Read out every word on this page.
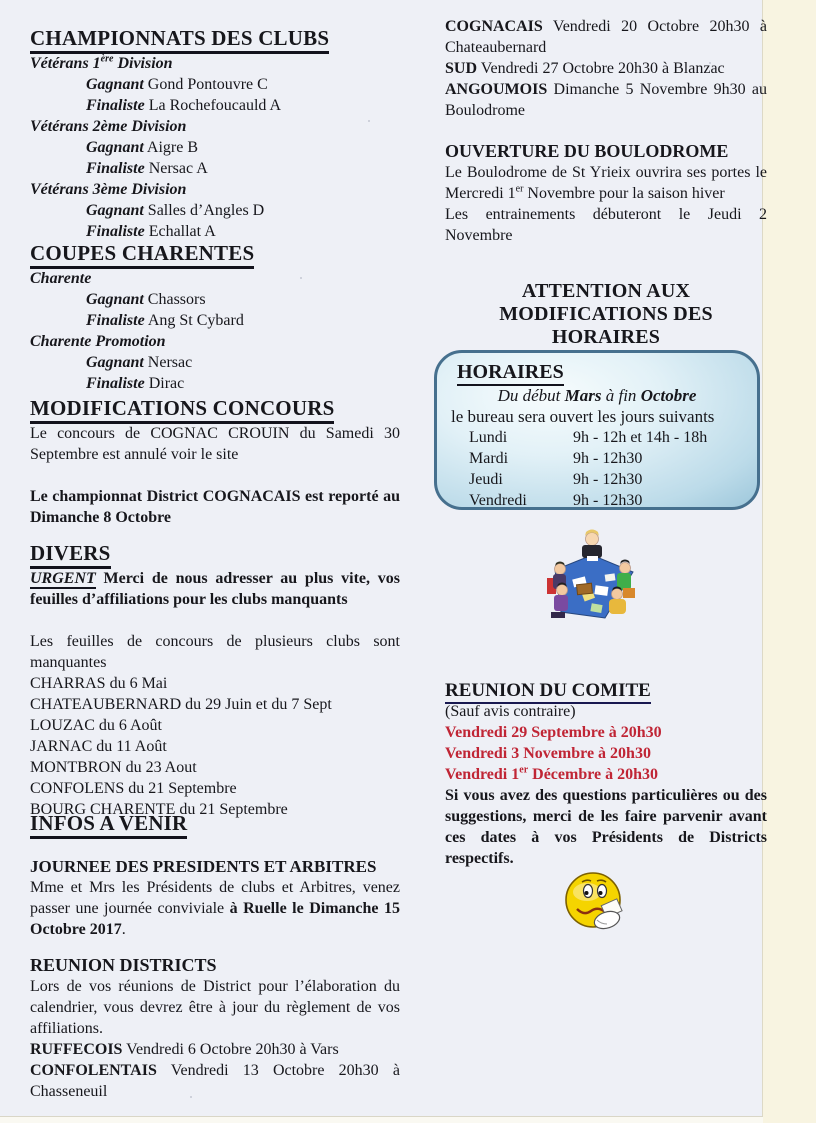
CHAMPIONNATS DES CLUBS

Vétérans 1ère Division

Gagnant Gond Pontouvre C

Finaliste La Rochefoucauld A

Vétérans 2ème Division

Gagnant Aigre B

Finaliste Nersac A

Vétérans 3ème Division

Gagnant Salles d’Angles D

Finaliste Echallat A

COUPES CHARENTES

Charente

Gagnant Chassors

Finaliste Ang St Cybard

Charente Promotion

Gagnant Nersac

Finaliste Dirac

MODIFICATIONS CONCOURS

Le concours de COGNAC CROUIN du Samedi 30 Septembre est annulé voir le site

Le championnat District COGNACAIS est reporté au Dimanche 8 Octobre

DIVERS

URGENT Merci de nous adresser au plus vite, vos feuilles d’affiliations pour les clubs manquants

Les feuilles de concours de plusieurs clubs sont manquantes

CHARRAS du 6 Mai

CHATEAUBERNARD du 29 Juin et du 7 Sept

LOUZAC du 6 Août

JARNAC du 11 Août

MONTBRON du 23 Aout

CONFOLENS du 21 Septembre

BOURG CHARENTE du 21 Septembre

INFOS A VENIR

JOURNEE DES PRESIDENTS ET ARBITRES

Mme et Mrs les Présidents de clubs et Arbitres, venez passer une journée conviviale à Ruelle le Dimanche 15 Octobre 2017.

REUNION DISTRICTS

Lors de vos réunions de District pour l’élaboration du calendrier, vous devrez être à jour du règlement de vos affiliations.

RUFFECOIS Vendredi 6 Octobre 20h30 à Vars

CONFOLENTAIS Vendredi 13 Octobre 20h30 à Chasseneuil

COGNACAIS Vendredi 20 Octobre 20h30 à Chateaubernard

SUD Vendredi 27 Octobre 20h30 à Blanzac

ANGOUMOIS Dimanche 5 Novembre 9h30 au Boulodrome

OUVERTURE DU BOULODROME

Le Boulodrome de St Yrieix ouvrira ses portes le Mercredi 1er Novembre pour la saison hiver

Les entrainements débuteront le Jeudi 2 Novembre

ATTENTION AUX
MODIFICATIONS DES HORAIRES
HORAIRES
Du début Mars à fin Octobre
le bureau sera ouvert les jours suivants
Lundi	9h - 12h et 14h - 18h
Mardi	9h - 12h30
Jeudi	9h - 12h30
Vendredi	9h - 12h30
REUNION DU COMITE

(Sauf avis contraire)

Vendredi 29 Septembre à 20h30

Vendredi 3 Novembre à 20h30

Vendredi 1er Décembre à 20h30

Si vous avez des questions particulières ou des suggestions, merci de les faire parvenir avant ces dates à vos Présidents de Districts respectifs.
